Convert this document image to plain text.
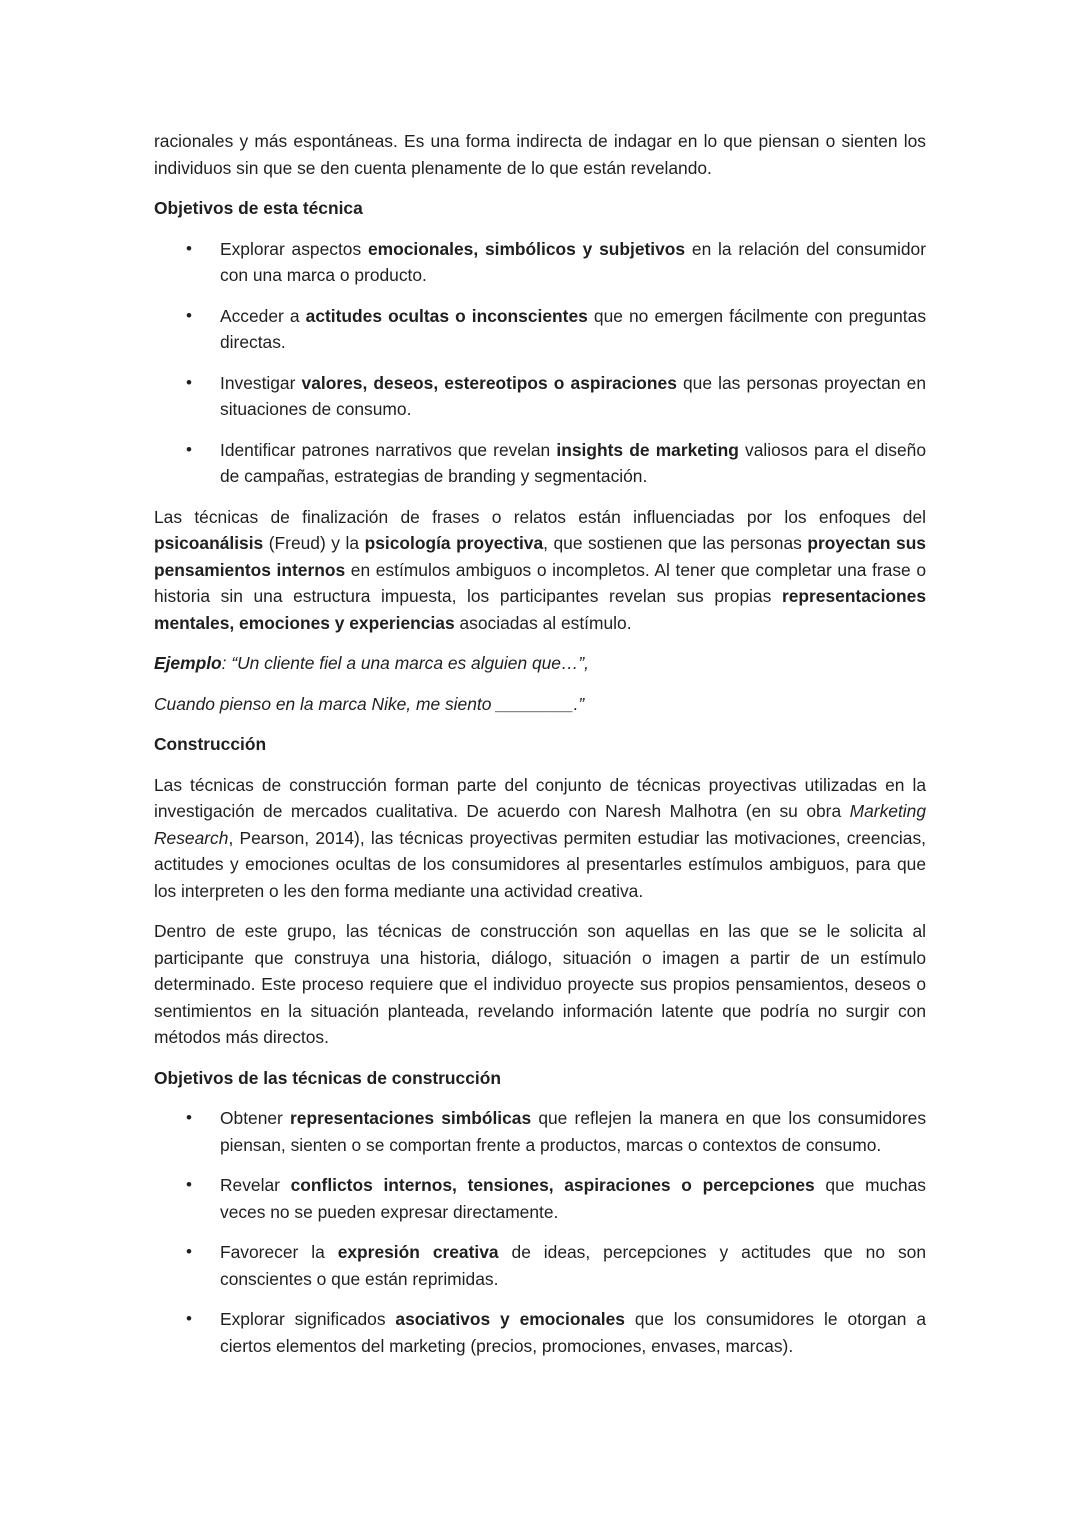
racionales y más espontáneas. Es una forma indirecta de indagar en lo que piensan o sienten los individuos sin que se den cuenta plenamente de lo que están revelando.

Objetivos de esta técnica
• Explorar aspectos emocionales, simbólicos y subjetivos en la relación del consumidor con una marca o producto.
• Acceder a actitudes ocultas o inconscientes que no emergen fácilmente con preguntas directas.
• Investigar valores, deseos, estereotipos o aspiraciones que las personas proyectan en situaciones de consumo.
• Identificar patrones narrativos que revelan insights de marketing valiosos para el diseño de campañas, estrategias de branding y segmentación.

Las técnicas de finalización de frases o relatos están influenciadas por los enfoques del psicoanálisis (Freud) y la psicología proyectiva, que sostienen que las personas proyectan sus pensamientos internos en estímulos ambiguos o incompletos. Al tener que completar una frase o historia sin una estructura impuesta, los participantes revelan sus propias representaciones mentales, emociones y experiencias asociadas al estímulo.

Ejemplo: “Un cliente fiel a una marca es alguien que…”,

Cuando pienso en la marca Nike, me siento ________.”

Construcción

Las técnicas de construcción forman parte del conjunto de técnicas proyectivas utilizadas en la investigación de mercados cualitativa. De acuerdo con Naresh Malhotra (en su obra Marketing Research, Pearson, 2014), las técnicas proyectivas permiten estudiar las motivaciones, creencias, actitudes y emociones ocultas de los consumidores al presentarles estímulos ambiguos, para que los interpreten o les den forma mediante una actividad creativa.

Dentro de este grupo, las técnicas de construcción son aquellas en las que se le solicita al participante que construya una historia, diálogo, situación o imagen a partir de un estímulo determinado. Este proceso requiere que el individuo proyecte sus propios pensamientos, deseos o sentimientos en la situación planteada, revelando información latente que podría no surgir con métodos más directos.

Objetivos de las técnicas de construcción
• Obtener representaciones simbólicas que reflejen la manera en que los consumidores piensan, sienten o se comportan frente a productos, marcas o contextos de consumo.
• Revelar conflictos internos, tensiones, aspiraciones o percepciones que muchas veces no se pueden expresar directamente.
• Favorecer la expresión creativa de ideas, percepciones y actitudes que no son conscientes o que están reprimidas.
• Explorar significados asociativos y emocionales que los consumidores le otorgan a ciertos elementos del marketing (precios, promociones, envases, marcas).
